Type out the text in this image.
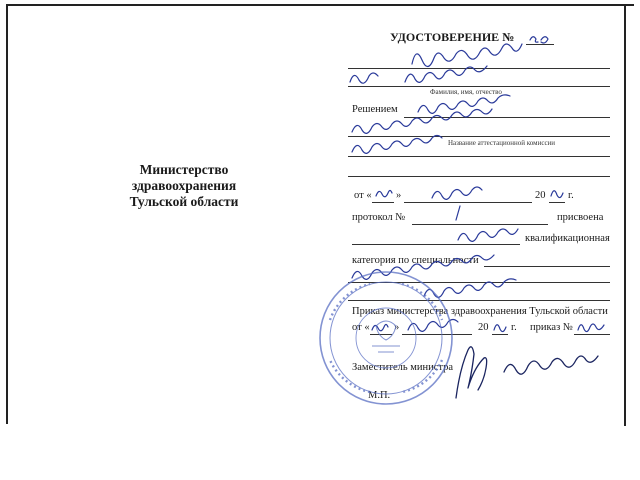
Министерство
здравоохранения
Тульской области
УДОСТОВЕРЕНИЕ №
Фамилия, имя, отчество
Решением
Название аттестационной комиссии
от « »	20 г.
протокол №	присвоена
квалификационная
категория по специальности
Приказ министерства здравоохранения Тульской области
от « »	20 г. приказ №
Заместитель министра
М.П.
